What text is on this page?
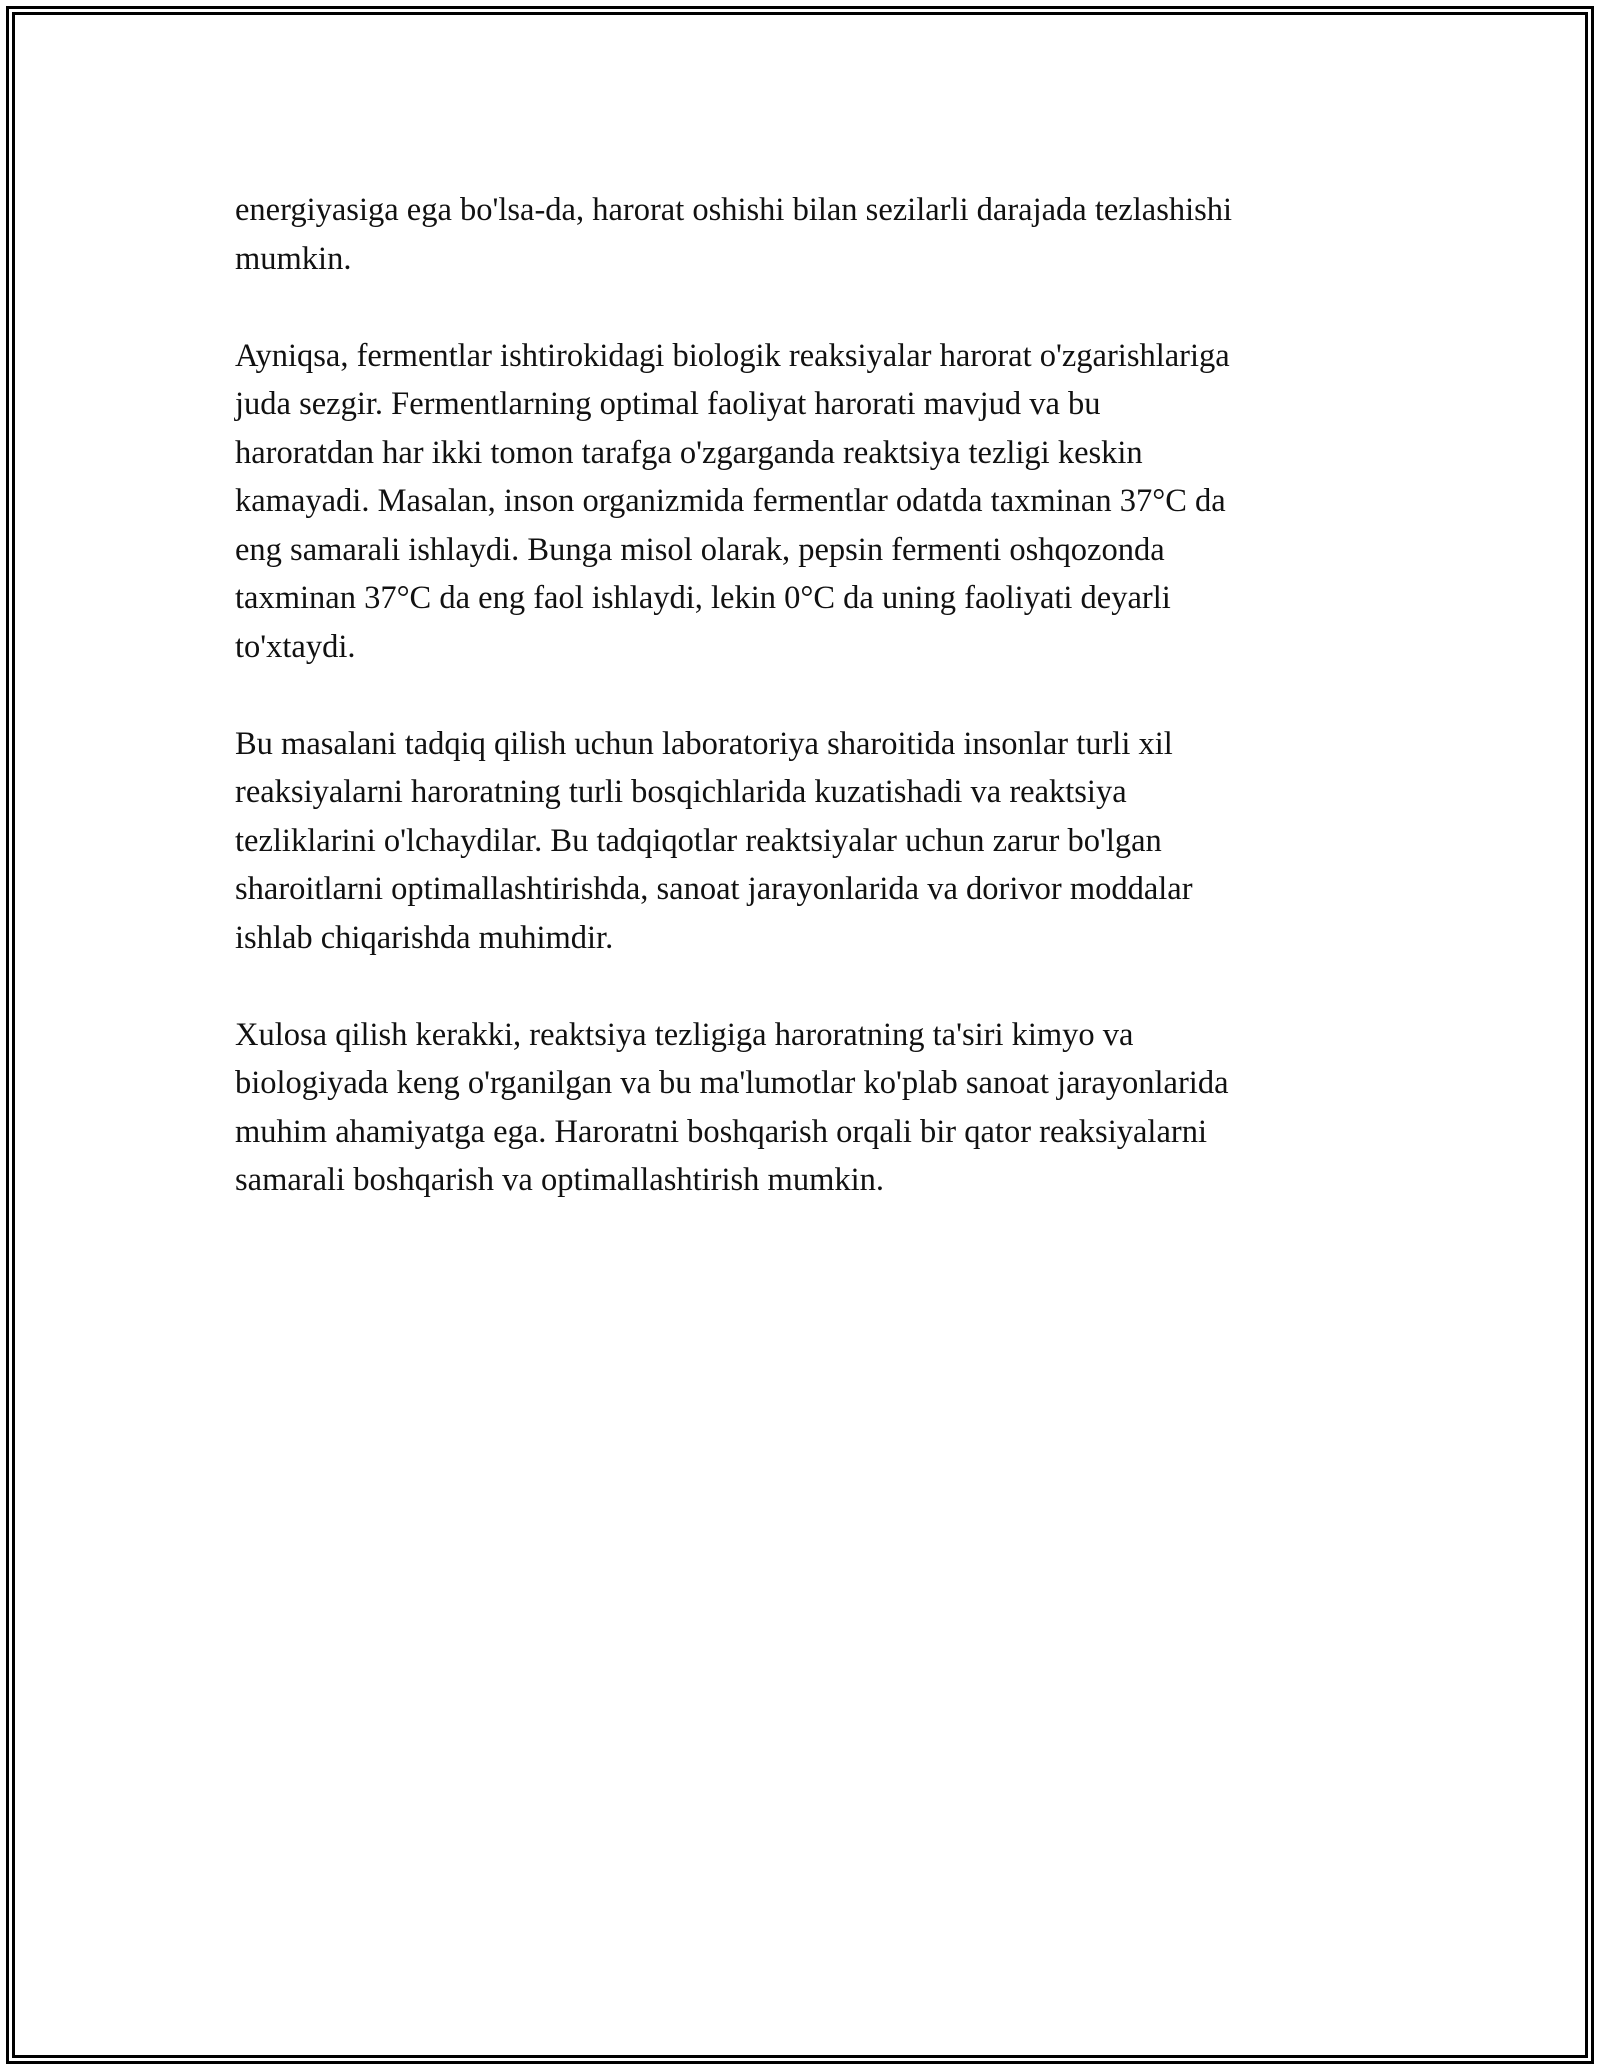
energiyasiga ega bo'lsa-da, harorat oshishi bilan sezilarli darajada tezlashishi
mumkin.

Ayniqsa, fermentlar ishtirokidagi biologik reaksiyalar harorat o'zgarishlariga
juda sezgir. Fermentlarning optimal faoliyat harorati mavjud va bu
haroratdan har ikki tomon tarafga o'zgarganda reaktsiya tezligi keskin
kamayadi. Masalan, inson organizmida fermentlar odatda taxminan 37°C da
eng samarali ishlaydi. Bunga misol olarak, pepsin fermenti oshqozonda
taxminan 37°C da eng faol ishlaydi, lekin 0°C da uning faoliyati deyarli
to'xtaydi.

Bu masalani tadqiq qilish uchun laboratoriya sharoitida insonlar turli xil
reaksiyalarni haroratning turli bosqichlarida kuzatishadi va reaktsiya
tezliklarini o'lchaydilar. Bu tadqiqotlar reaktsiyalar uchun zarur bo'lgan
sharoitlarni optimallashtirishda, sanoat jarayonlarida va dorivor moddalar
ishlab chiqarishda muhimdir.

Xulosa qilish kerakki, reaktsiya tezligiga haroratning ta'siri kimyo va
biologiyada keng o'rganilgan va bu ma'lumotlar ko'plab sanoat jarayonlarida
muhim ahamiyatga ega. Haroratni boshqarish orqali bir qator reaksiyalarni
samarali boshqarish va optimallashtirish mumkin.
